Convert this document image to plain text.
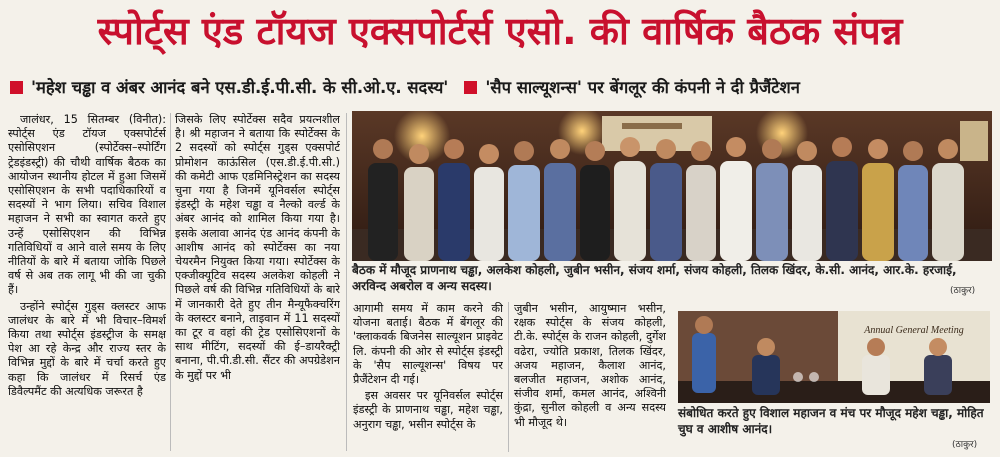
स्पोर्ट्स एंड टॉयज एक्सपोर्टर्स एसो. की वार्षिक बैठक संपन्न
'महेश चड्ढा व अंबर आनंद बने एस.डी.ई.पी.सी. के सी.ओ.ए. सदस्य' 'सैप साल्यूशन्स' पर बेंगलूर की कंपनी ने दी प्रैजैंटेशन

जालंधर, 15 सितम्बर (विनीत): स्पोर्ट्स एंड टॉयज एक्सपोर्टर्स एसोसिएशन (स्पोर्टेक्स–स्पोर्टिंग ट्रेडइंडस्ट्री) की चौथी वार्षिक बैठक का आयोजन स्थानीय होटल में हुआ जिसमें एसोसिएशन के सभी पदाधिकारियों व सदस्यों ने भाग लिया। सचिव विशाल महाजन ने सभी का स्वागत करते हुए उन्हें एसोसिएशन की विभिन्न गतिविधियों व आने वाले समय के लिए नीतियों के बारे में बताया जोकि पिछले वर्ष से अब तक लागू भी की जा चुकी हैं।

उन्होंने स्पोर्ट्स गुड्स क्लस्टर आफ जालंधर के बारे में भी विचार–विमर्श किया तथा स्पोर्ट्स इंडस्ट्रीज के समक्ष पेश आ रहे केन्द्र और राज्य स्तर के विभिन्न मुद्दों के बारे में चर्चा करते हुए कहा कि जालंधर में रिसर्च एंड डिवैल्पमैंट की अत्यधिक जरूरत है

जिसके लिए स्पोर्टेक्स सदैव प्रयत्नशील है। श्री महाजन ने बताया कि स्पोर्टेक्स के 2 सदस्यों को स्पोर्ट्स गुड्स एक्सपोर्ट प्रोमोशन काऊंसिल (एस.डी.ई.पी.सी.) की कमेटी आफ एडमिनिस्ट्रेशन का सदस्य चुना गया है जिनमें यूनिवर्सल स्पोर्ट्स इंडस्ट्री के महेश चड्ढा व नैल्को वर्ल्ड के अंबर आनंद को शामिल किया गया है। इसके अलावा आनंद एंड आनंद कंपनी के आशीष आनंद को स्पोर्टेक्स का नया चेयरमैन नियुक्त किया गया। स्पोर्टेक्स के एक्जीक्यूटिव सदस्य अलकेश कोहली ने पिछले वर्ष की विभिन्न गतिविधियों के बारे में जानकारी देते हुए तीन मैन्यूफैक्चरिंग के क्लस्टर बनाने, ताइवान में 11 सदस्यों का टूर व वहां की ट्रेड एसोसिएशनों के साथ मीटिंग, सदस्यों की ई–डायरैक्ट्री बनाना, पी.पी.डी.सी. सैंटर की अपग्रेडेशन के मुद्दों पर भी

बैठक में मौजूद प्राणनाथ चड्ढा, अलकेश कोहली, जुबीन भसीन, संजय शर्मा, संजय कोहली, तिलक खिंदर, के.सी. आनंद, आर.के. हरजाई, अरविन्द अबरोल व अन्य सदस्य।	(ठाकुर)

आगामी समय में काम करने की योजना बताई। बैठक में बेंगलूर की 'क्लाकवर्क बिजनेस साल्यूशन प्राइवेट लि. कंपनी की ओर से स्पोर्ट्स इंडस्ट्री के 'सैप साल्यूशन्स' विषय पर प्रैजैंटेशन दी गई।

इस अवसर पर यूनिवर्सल स्पोर्ट्स इंडस्ट्री के प्राणनाथ चड्ढा, महेश चड्ढा, अनुराग चड्ढा, भसीन स्पोर्ट्स के

जुबीन भसीन, आयुष्मान भसीन, रक्षक स्पोर्ट्स के संजय कोहली, टी.के. स्पोर्ट्स के राजन कोहली, दुर्गेश वढेरा, ज्योति प्रकाश, तिलक खिंदर, अजय महाजन, कैलाश आनंद, बलजीत महाजन, अशोक आनंद, संजीव शर्मा, कमल आनंद, अश्विनी कुंद्रा, सुनील कोहली व अन्य सदस्य भी मौजूद थे।

Annual General Meeting
संबोधित करते हुए विशाल महाजन व मंच पर मौजूद महेश चड्ढा, मोहित चुघ व आशीष आनंद।
(ठाकुर)
